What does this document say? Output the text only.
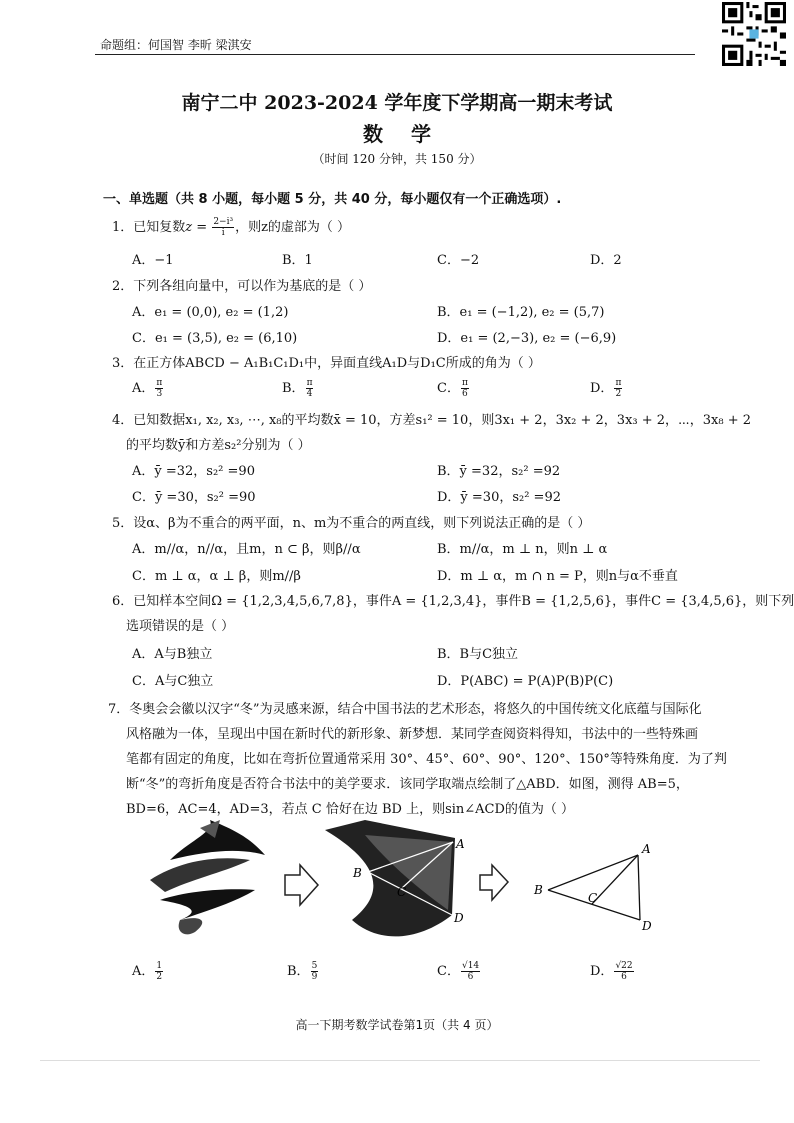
命题组：何国智 李昕 梁淇安
南宁二中 2023-2024 学年度下学期高一期末考试
数学
（时间 120 分钟，共 150 分）
一、单选题（共 8 小题，每小题 5 分，共 40 分，每小题仅有一个正确选项）.
1．已知复数$z = \frac{\text{2−i³}}{i}$ ，则z的虚部为（ ）
A．−1	B．1	C．−2	D．2
2．下列各组向量中，可以作为基底的是（ ）
A．e₁ = (0,0), e₂ = (1,2)	B．e₁ = (−1,2), e₂ = (5,7)
C．e₁ = (3,5), e₂ = (6,10)	D．e₁ = (2,−3), e₂ = (−6,9)
3．在正方体ABCD − A₁B₁C₁D₁中，异面直线A₁D与D₁C所成的角为（ ）
A． $\frac{\pi}{3}$	B． $\frac{\pi}{4}$	C． $\frac{\pi}{6}$	D． $\frac{\pi}{2}$
4．已知数据x₁, x₂, x₃, ⋯, x₈的平均数x̄ = 10，方差s₁² = 10，则3x₁ + 2，3x₂ + 2，3x₃ + 2，⋯，3x₈ + 2
的平均数ȳ和方差s₂²分别为（ ）
A．ȳ =32，s₂² =90	B．ȳ =32，s₂² =92
C．ȳ =30，s₂² =90	D．ȳ =30，s₂² =92
5．设α、β为不重合的两平面，n、m为不重合的两直线，则下列说法正确的是（ ）
A．m//α，n//α，且m，n ⊂ β，则β//α	B．m//α，m ⊥ n，则n ⊥ α
C．m ⊥ α，α ⊥ β，则m//β	D．m ⊥ α，m ∩ n = P，则n与α不垂直
6．已知样本空间Ω = {1,2,3,4,5,6,7,8}，事件A = {1,2,3,4}，事件B = {1,2,5,6}，事件C = {3,4,5,6}，则下列
选项错误的是（ ）
A．A与B独立	B．B与C独立
C．A与C独立	D．P(ABC) = P(A)P(B)P(C)
7．冬奥会会徽以汉字“冬”为灵感来源，结合中国书法的艺术形态，将悠久的中国传统文化底蕴与国际化
风格融为一体，呈现出中国在新时代的新形象、新梦想．某同学查阅资料得知，书法中的一些特殊画
笔都有固定的角度，比如在弯折位置通常采用 30°、45°、60°、90°、120°、150°等特殊角度．为了判
断“冬”的弯折角度是否符合书法中的美学要求．该同学取端点绘制了△ABD．如图，测得 AB=5，
BD=6，AC=4，AD=3，若点 C 恰好在边 BD 上，则sin∠ACD的值为（ ）
A
B
C
D
A
B
C
D
A． $\frac{1}{2}$	B． $\frac{5}{9}$	C． $\frac{√14}{6}$	D． $\frac{√22}{6}$
高一下期考数学试卷第1页（共 4 页）
